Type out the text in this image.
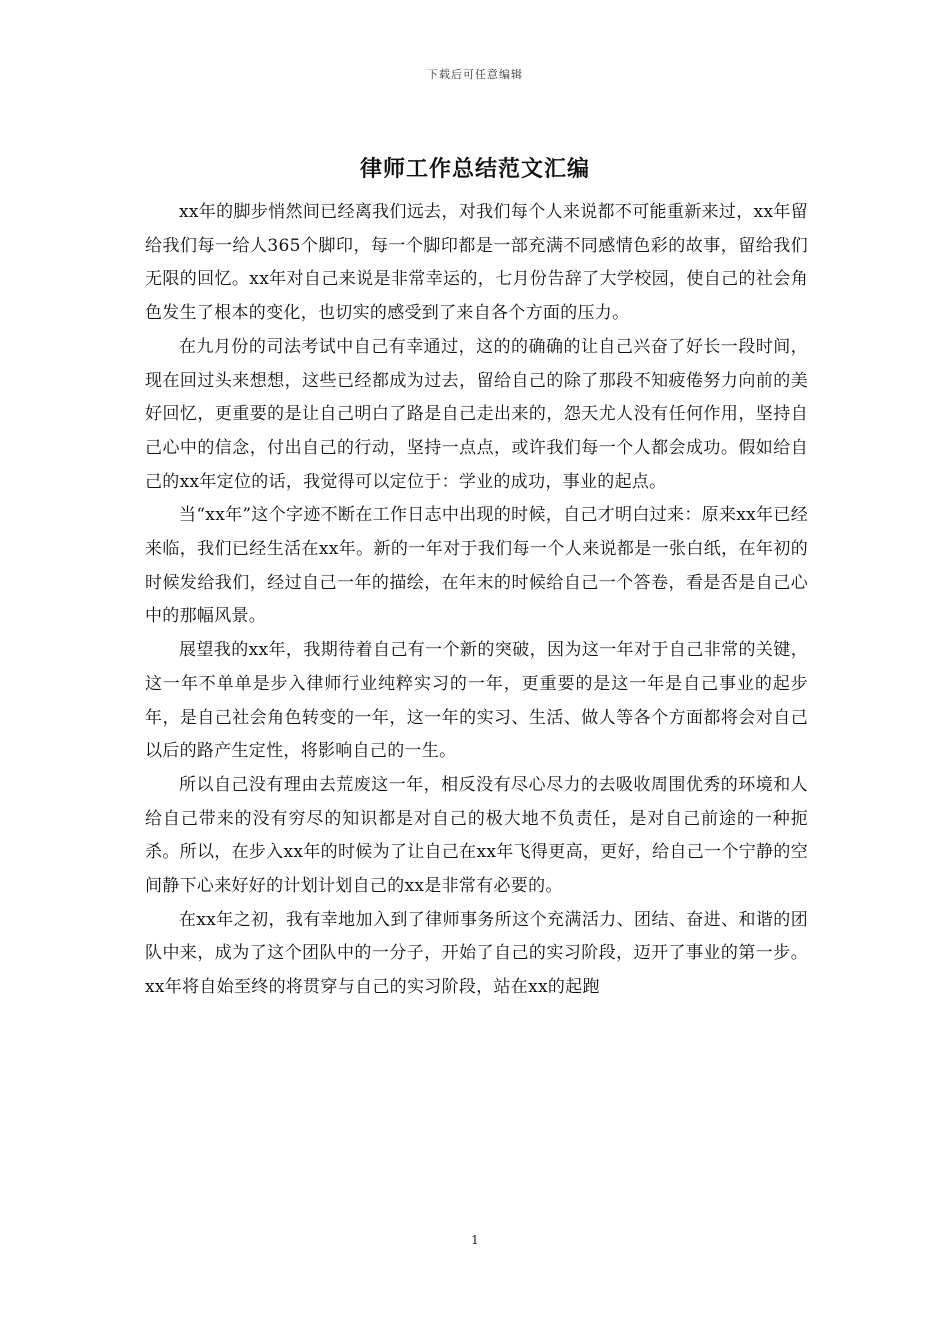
下载后可任意编辑
律师工作总结范文汇编

xx年的脚步悄然间已经离我们远去，对我们每个人来说都不可能重新来过，xx年留给我们每一给人365个脚印，每一个脚印都是一部充满不同感情色彩的故事，留给我们无限的回忆。xx年对自己来说是非常幸运的，七月份告辞了大学校园，使自己的社会角色发生了根本的变化，也切实的感受到了来自各个方面的压力。

在九月份的司法考试中自己有幸通过，这的的确确的让自己兴奋了好长一段时间，现在回过头来想想，这些已经都成为过去，留给自己的除了那段不知疲倦努力向前的美好回忆，更重要的是让自己明白了路是自己走出来的，怨天尤人没有任何作用，坚持自己心中的信念，付出自己的行动，坚持一点点，或许我们每一个人都会成功。假如给自己的xx年定位的话，我觉得可以定位于：学业的成功，事业的起点。

当“xx年”这个字迹不断在工作日志中出现的时候，自己才明白过来：原来xx年已经来临，我们已经生活在xx年。新的一年对于我们每一个人来说都是一张白纸，在年初的时候发给我们，经过自己一年的描绘，在年末的时候给自己一个答卷，看是否是自己心中的那幅风景。

展望我的xx年，我期待着自己有一个新的突破，因为这一年对于自己非常的关键，这一年不单单是步入律师行业纯粹实习的一年，更重要的是这一年是自己事业的起步年，是自己社会角色转变的一年，这一年的实习、生活、做人等各个方面都将会对自己以后的路产生定性，将影响自己的一生。

所以自己没有理由去荒废这一年，相反没有尽心尽力的去吸收周围优秀的环境和人给自己带来的没有穷尽的知识都是对自己的极大地不负责任，是对自己前途的一种扼杀。所以，在步入xx年的时候为了让自己在xx年飞得更高，更好，给自己一个宁静的空间静下心来好好的计划计划自己的xx是非常有必要的。

在xx年之初，我有幸地加入到了律师事务所这个充满活力、团结、奋进、和谐的团队中来，成为了这个团队中的一分子，开始了自己的实习阶段，迈开了事业的第一步。xx年将自始至终的将贯穿与自己的实习阶段，站在xx的起跑

1
